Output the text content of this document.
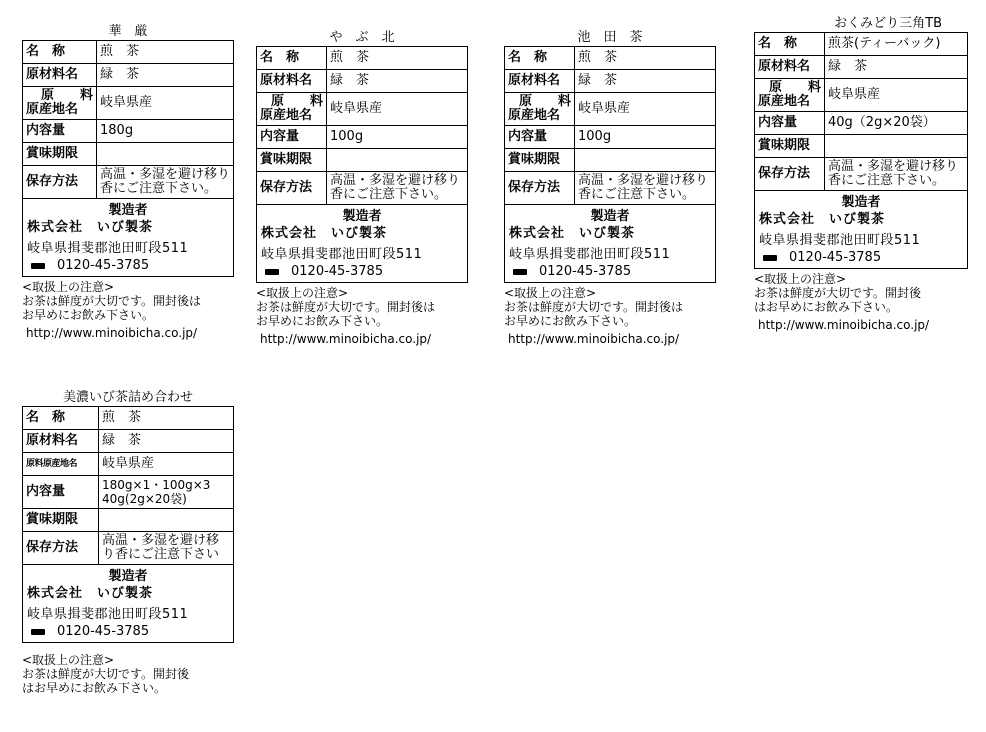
華　厳
名　称	煎　茶
原材料名	緑　茶

原　　料
原産地名	岐阜県産
内容量	180g
賞味期限	
保存方法	高温・多湿を避け移り香にご注意下さい。
製造者
株式会社　いび製茶
岐阜県揖斐郡池田町段511
0120-45-3785
<取扱上の注意>
お茶は鮮度が大切です。開封後は
お早めにお飲み下さい。
http://www.minoibicha.co.jp/
や　ぶ　北
名　称	煎　茶
原材料名	緑　茶

原　　料
原産地名	岐阜県産
内容量	100g
賞味期限	
保存方法	高温・多湿を避け移り香にご注意下さい。
製造者
株式会社　いび製茶
岐阜県揖斐郡池田町段511
0120-45-3785
<取扱上の注意>
お茶は鮮度が大切です。開封後は
お早めにお飲み下さい。
http://www.minoibicha.co.jp/
池　田　茶
名　称	煎　茶
原材料名	緑　茶

原　　料
原産地名	岐阜県産
内容量	100g
賞味期限	
保存方法	高温・多湿を避け移り香にご注意下さい。
製造者
株式会社　いび製茶
岐阜県揖斐郡池田町段511
0120-45-3785
<取扱上の注意>
お茶は鮮度が大切です。開封後は
お早めにお飲み下さい。
http://www.minoibicha.co.jp/
おくみどり三角TB
名　称	煎茶(ティーバック)
原材料名	緑　茶

原　　料
原産地名	岐阜県産
内容量	40g（2g×20袋）
賞味期限	
保存方法	高温・多湿を避け移り香にご注意下さい。
製造者
株式会社　いび製茶
岐阜県揖斐郡池田町段511
0120-45-3785
<取扱上の注意>
お茶は鮮度が大切です。開封後
はお早めにお飲み下さい。
http://www.minoibicha.co.jp/
美濃いび茶詰め合わせ
名　称	煎　茶
原材料名	緑　茶
原料原産地名	岐阜県産
内容量	180g×1・100g×3
40g(2g×20袋)

賞味期限	
保存方法	高温・多湿を避け移り香にご注意下さい
製造者
株式会社　いび製茶
岐阜県揖斐郡池田町段511
0120-45-3785
<取扱上の注意>
お茶は鮮度が大切です。開封後
はお早めにお飲み下さい。
